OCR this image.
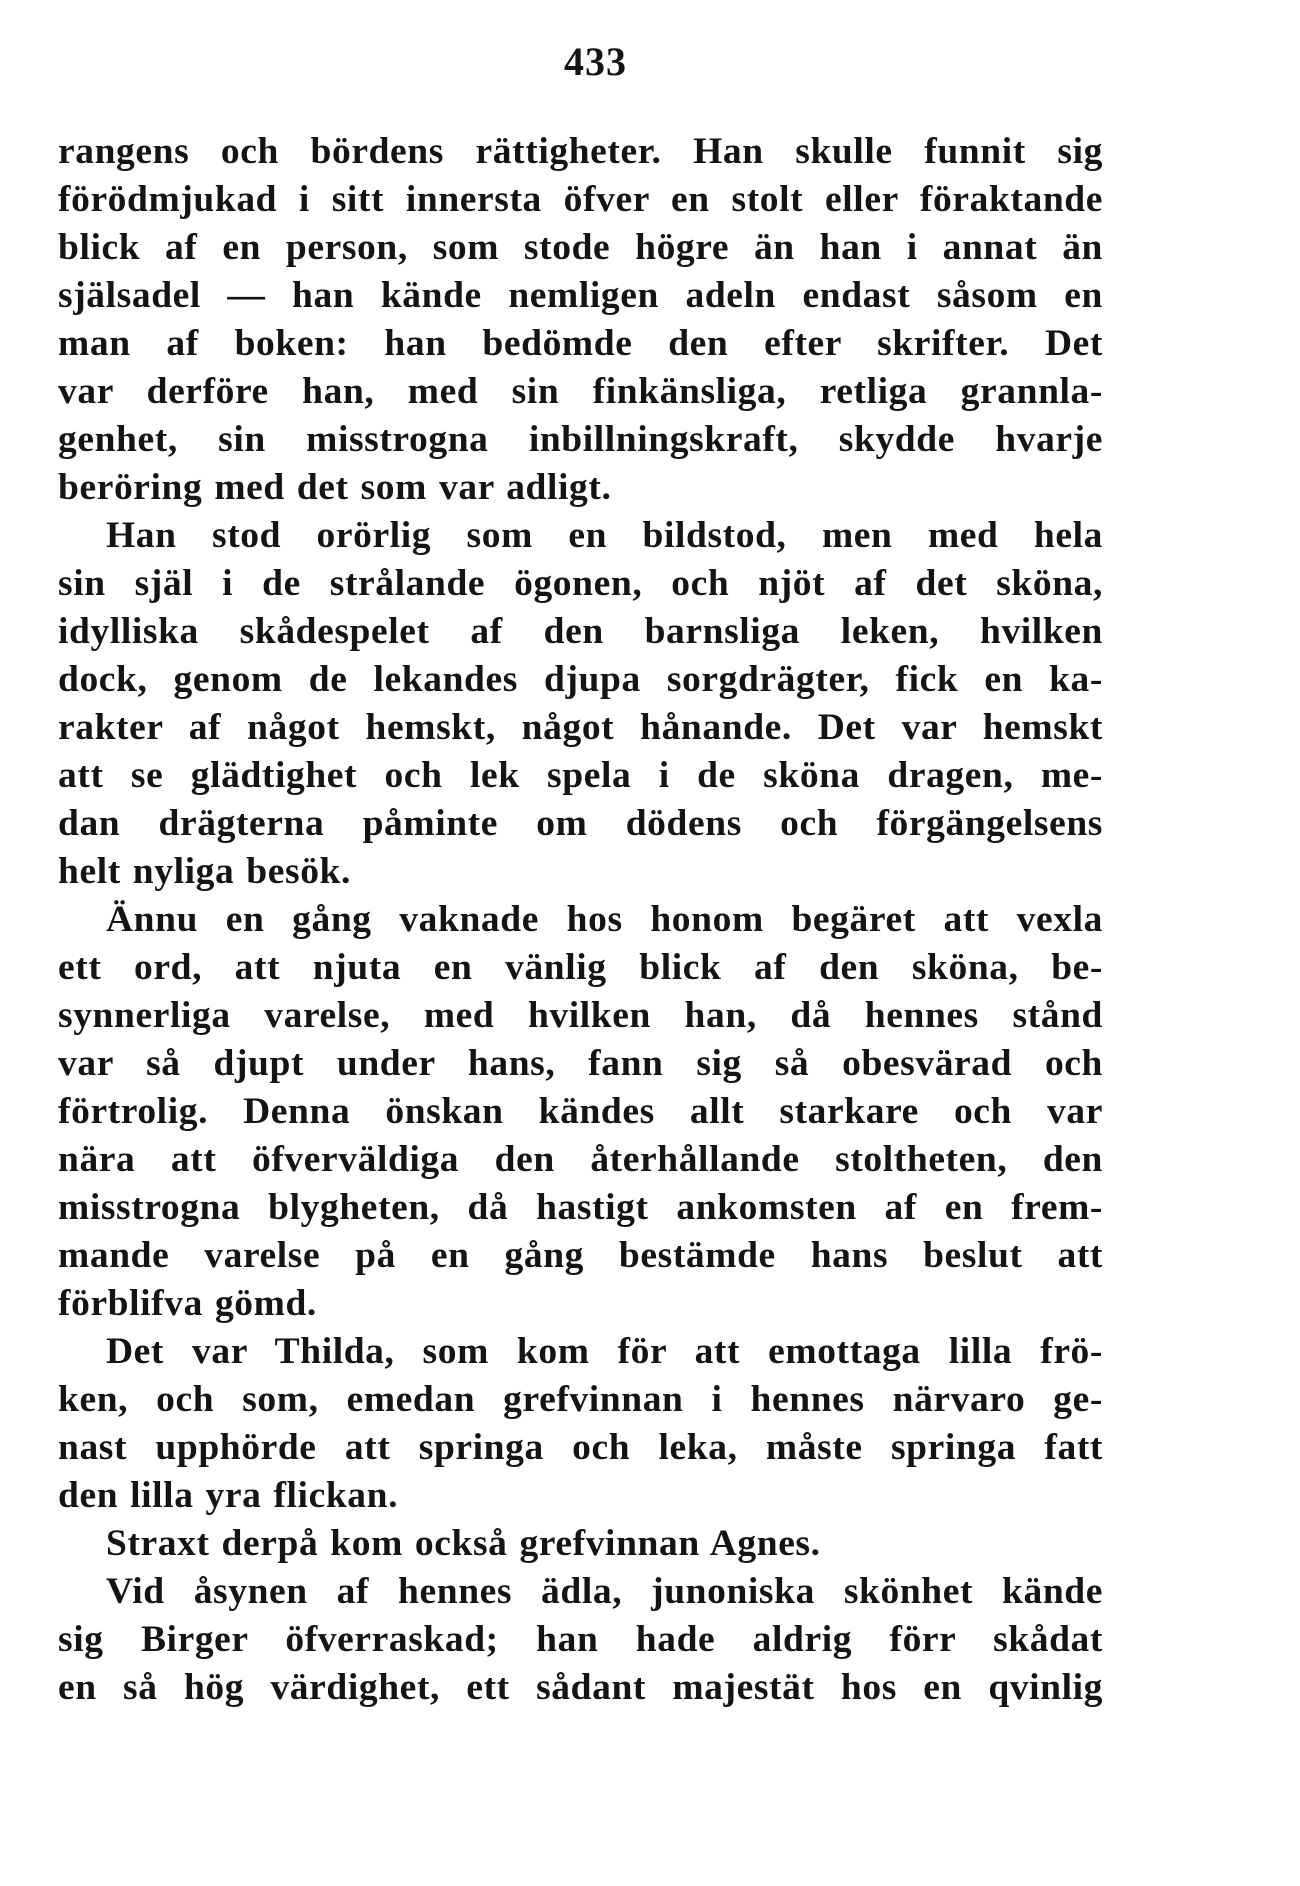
433

rangens och bördens rättigheter. Han skulle funnit sig
förödmjukad i sitt innersta öfver en stolt eller föraktande
blick af en person, som stode högre än han i annat än
själsadel — han kände nemligen adeln endast såsom en
man af boken: han bedömde den efter skrifter. Det
var derföre han, med sin finkänsliga, retliga grannla-
genhet, sin misstrogna inbillningskraft, skydde hvarje
beröring med det som var adligt.

Han stod orörlig som en bildstod, men med hela
sin själ i de strålande ögonen, och njöt af det sköna,
idylliska skådespelet af den barnsliga leken, hvilken
dock, genom de lekandes djupa sorgdrägter, fick en ka-
rakter af något hemskt, något hånande. Det var hemskt
att se glädtighet och lek spela i de sköna dragen, me-
dan drägterna påminte om dödens och förgängelsens
helt nyliga besök.

Ännu en gång vaknade hos honom begäret att vexla
ett ord, att njuta en vänlig blick af den sköna, be-
synnerliga varelse, med hvilken han, då hennes stånd
var så djupt under hans, fann sig så obesvärad och
förtrolig. Denna önskan kändes allt starkare och var
nära att öfverväldiga den återhållande stoltheten, den
misstrogna blygheten, då hastigt ankomsten af en frem-
mande varelse på en gång bestämde hans beslut att
förblifva gömd.

Det var Thilda, som kom för att emottaga lilla frö-
ken, och som, emedan grefvinnan i hennes närvaro ge-
nast upphörde att springa och leka, måste springa fatt
den lilla yra flickan.

Straxt derpå kom också grefvinnan Agnes.

Vid åsynen af hennes ädla, junoniska skönhet kände
sig Birger öfverraskad; han hade aldrig förr skådat
en så hög värdighet, ett sådant majestät hos en qvinlig
